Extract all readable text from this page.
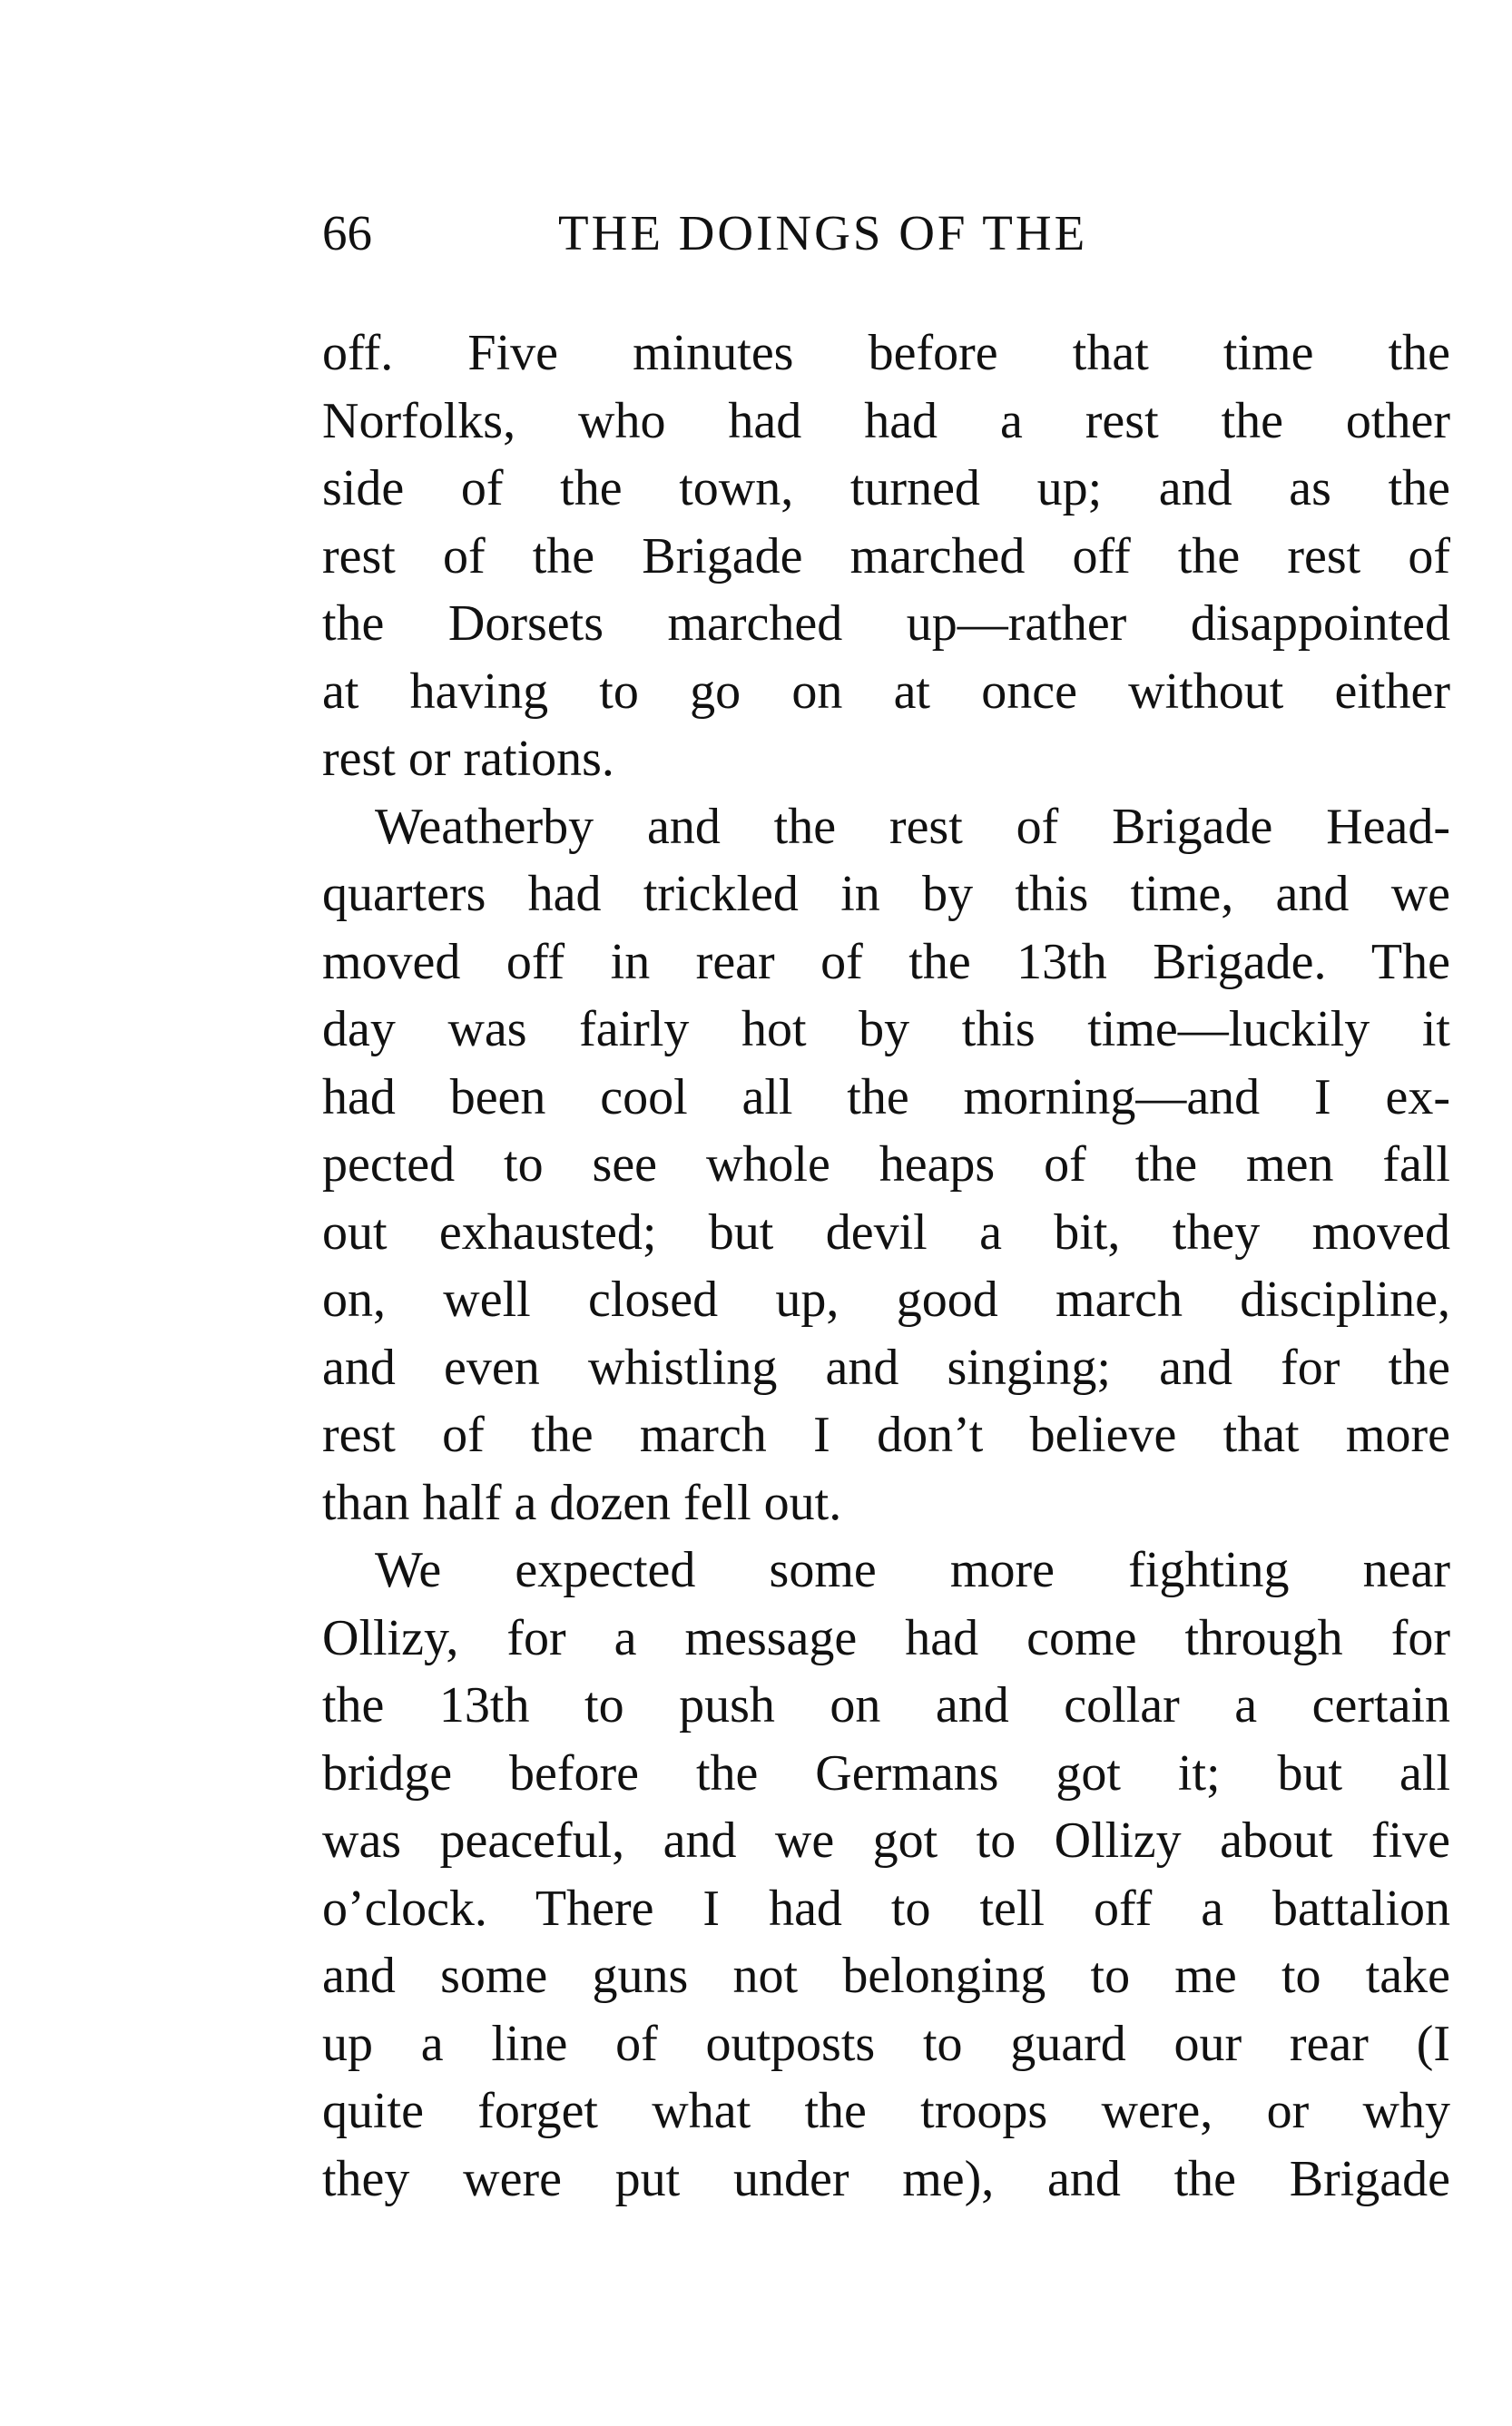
66	THE DOINGS OF THE
off. Five minutes before that time the
Norfolks, who had had a rest the other
side of the town, turned up; and as the
rest of the Brigade marched off the rest of
the Dorsets marched up—rather disappointed
at having to go on at once without either
rest or rations.
Weatherby and the rest of Brigade Head-
quarters had trickled in by this time, and we
moved off in rear of the 13th Brigade. The
day was fairly hot by this time—luckily it
had been cool all the morning—and I ex-
pected to see whole heaps of the men fall
out exhausted; but devil a bit, they moved
on, well closed up, good march discipline,
and even whistling and singing; and for the
rest of the march I don’t believe that more
than half a dozen fell out.
We expected some more fighting near
Ollizy, for a message had come through for
the 13th to push on and collar a certain
bridge before the Germans got it; but all
was peaceful, and we got to Ollizy about five
o’clock. There I had to tell off a battalion
and some guns not belonging to me to take
up a line of outposts to guard our rear (I
quite forget what the troops were, or why
they were put under me), and the Brigade
